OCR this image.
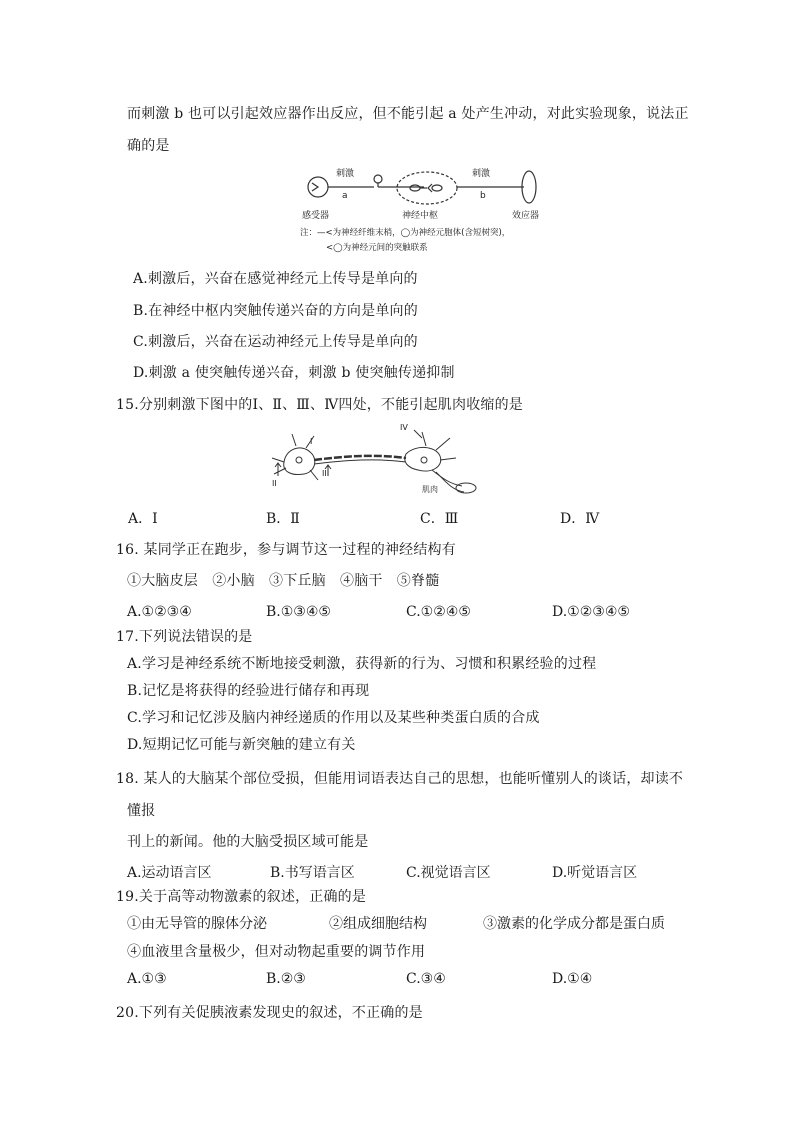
而刺激 b 也可以引起效应器作出反应，但不能引起 a 处产生冲动，对此实验现象，说法正
确的是
刺激
a
刺激
b
感受器	神经中枢	效应器
注：—<为神经纤维末梢，◯为神经元胞体(含短树突)，
<◯为神经元间的突触联系
A.刺激后，兴奋在感觉神经元上传导是单向的
B.在神经中枢内突触传递兴奋的方向是单向的
C.刺激后，兴奋在运动神经元上传导是单向的
D.刺激 a 使突触传递兴奋，刺激 b 使突触传递抑制
15.分别刺激下图中的Ⅰ、Ⅱ、Ⅲ、Ⅳ四处，不能引起肌肉收缩的是
I
II
III
IV
肌肉
A．Ⅰ	B．Ⅱ	C．Ⅲ	D．Ⅳ
16. 某同学正在跑步，参与调节这一过程的神经结构有
①大脑皮层　②小脑　③下丘脑　④脑干　⑤脊髓
A.①②③④	B.①③④⑤	C.①②④⑤	D.①②③④⑤
17.下列说法错误的是
A.学习是神经系统不断地接受刺激，获得新的行为、习惯和积累经验的过程
B.记忆是将获得的经验进行储存和再现
C.学习和记忆涉及脑内神经递质的作用以及某些种类蛋白质的合成
D.短期记忆可能与新突触的建立有关
18. 某人的大脑某个部位受损，但能用词语表达自己的思想，也能听懂别人的谈话，却读不
懂报
刊上的新闻。他的大脑受损区域可能是
A.运动语言区	B.书写语言区	C.视觉语言区	D.听觉语言区
19.关于高等动物激素的叙述，正确的是
①由无导管的腺体分泌	②组成细胞结构	③激素的化学成分都是蛋白质
④血液里含量极少，但对动物起重要的调节作用
A.①③	B.②③	C.③④	D.①④
20.下列有关促胰液素发现史的叙述，不正确的是
